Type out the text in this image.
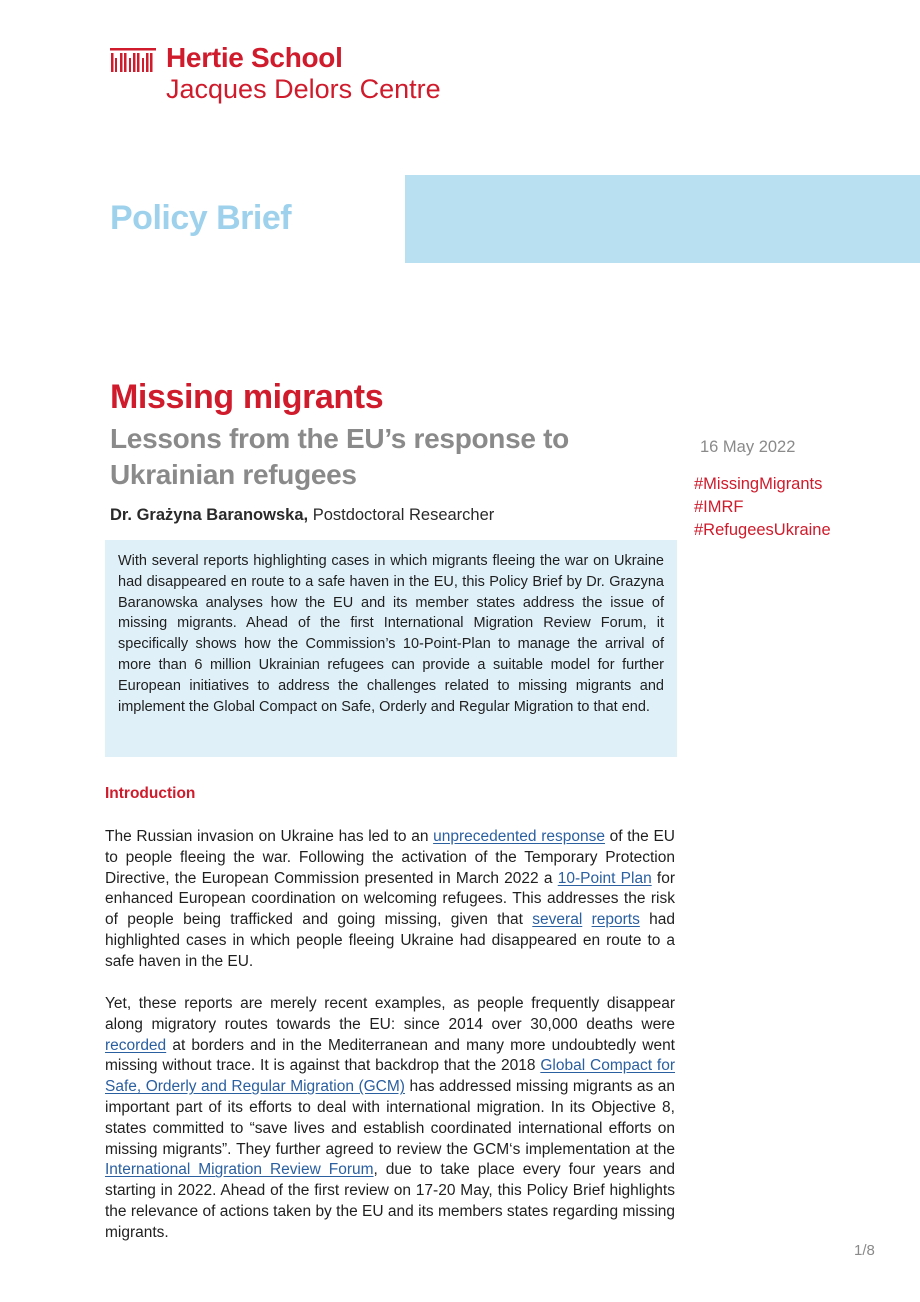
Hertie School
Jacques Delors Centre
Policy Brief
Missing migrants
Lessons from the EU’s response to Ukrainian refugees
Dr. Grażyna Baranowska, Postdoctoral Researcher
16 May 2022
#MissingMigrants
#IMRF
#RefugeesUkraine

With several reports highlighting cases in which migrants fleeing the war on Ukraine had disappeared en route to a safe haven in the EU, this Policy Brief by Dr. Grazyna Baranowska analyses how the EU and its member states address the issue of missing migrants. Ahead of the first International Migration Review Forum, it specifically shows how the Commission’s 10-Point-Plan to manage the arrival of more than 6 million Ukrainian refugees can provide a suitable model for further European initiatives to address the challenges related to missing migrants and implement the Global Compact on Safe, Orderly and Regular Migration to that end.

Introduction

The Russian invasion on Ukraine has led to an unprecedented response of the EU to people fleeing the war. Following the activation of the Temporary Protection Directive, the European Commission presented in March 2022 a 10-Point Plan for enhanced European coordination on welcoming refugees. This addresses the risk of people being trafficked and going missing, given that several reports had highlighted cases in which people fleeing Ukraine had disappeared en route to a safe haven in the EU.

Yet, these reports are merely recent examples, as people frequently disappear along migratory routes towards the EU: since 2014 over 30,000 deaths were recorded at borders and in the Mediterranean and many more undoubtedly went missing without trace. It is against that backdrop that the 2018 Global Compact for Safe, Orderly and Regular Migration (GCM) has addressed missing migrants as an important part of its efforts to deal with international migration. In its Objective 8, states committed to “save lives and establish coordinated international efforts on missing migrants”. They further agreed to review the GCM‘s implementation at the International Migration Review Forum, due to take place every four years and starting in 2022. Ahead of the first review on 17-20 May, this Policy Brief highlights the relevance of actions taken by the EU and its members states regarding missing migrants.

1/8
